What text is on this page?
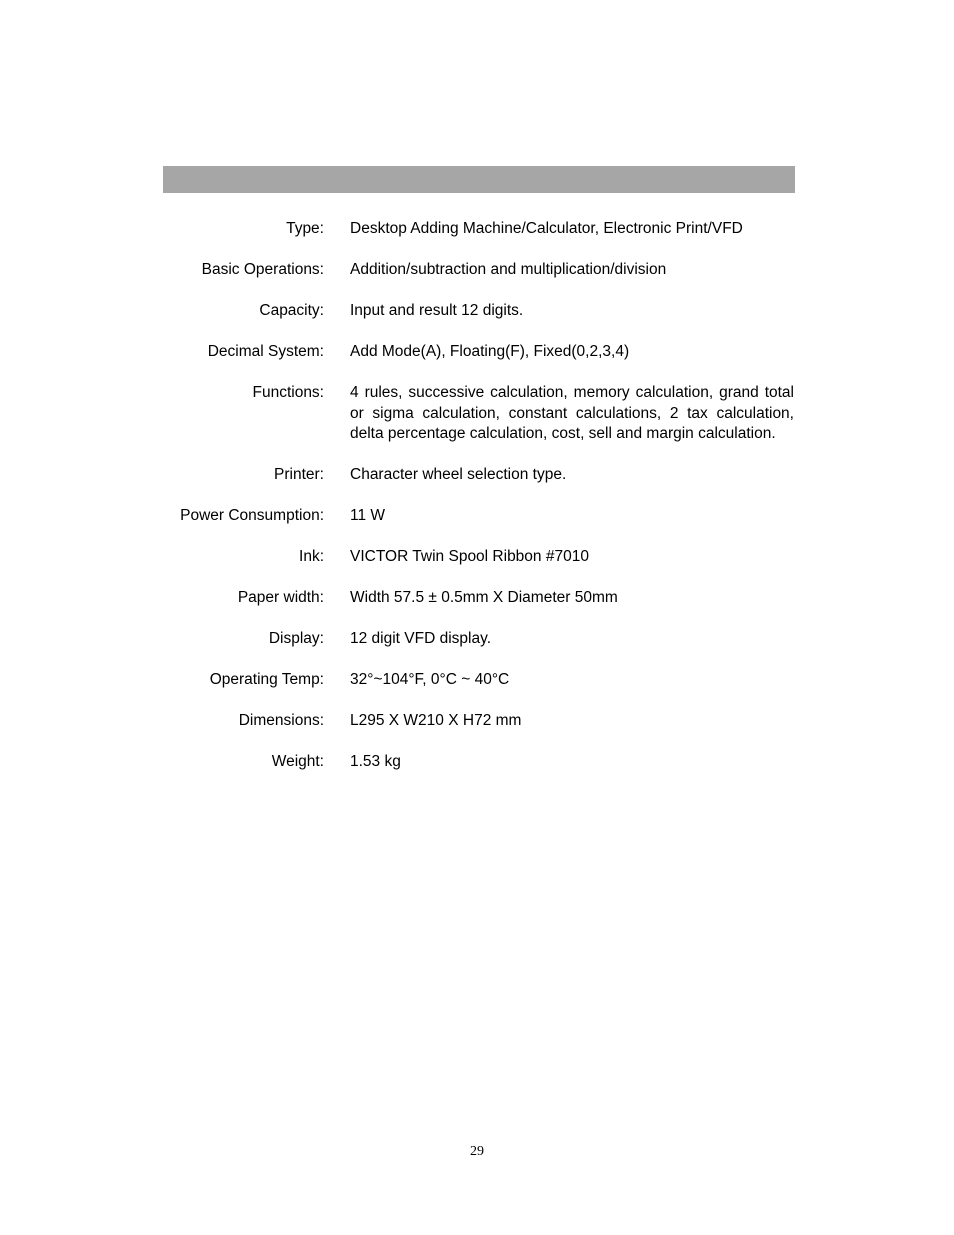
Type: Desktop Adding Machine/Calculator, Electronic Print/VFD
Basic Operations: Addition/subtraction and multiplication/division
Capacity: Input and result 12 digits.
Decimal System: Add Mode(A), Floating(F), Fixed(0,2,3,4)
Functions: 4 rules, successive calculation, memory calculation, grand total or sigma calculation, constant calculations, 2 tax calculation, delta percentage calculation, cost, sell and margin calculation.
Printer: Character wheel selection type.
Power Consumption: 11 W
Ink: VICTOR Twin Spool Ribbon #7010
Paper width: Width 57.5 ± 0.5mm X Diameter 50mm
Display: 12 digit VFD display.
Operating Temp: 32°~104°F, 0°C ~ 40°C
Dimensions: L295 X W210 X H72 mm
Weight: 1.53 kg
29
